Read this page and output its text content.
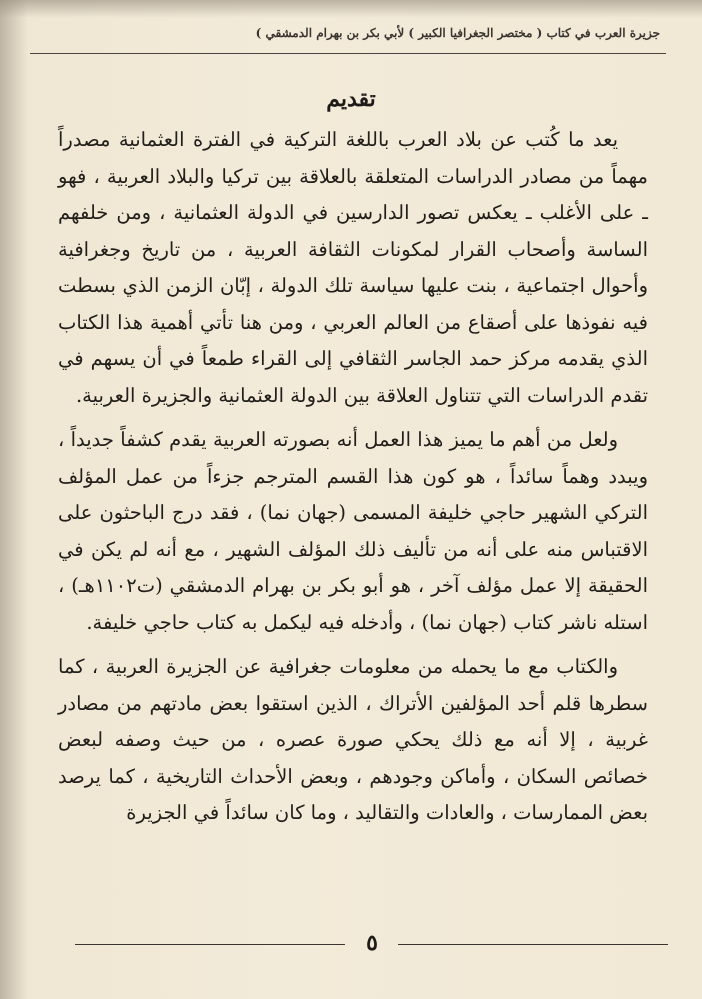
جزيرة العرب في كتاب ( مختصر الجغرافيا الكبير ) لأبي بكر بن بهرام الدمشقي )
تقديم

يعد ما كُتب عن بلاد العرب باللغة التركية في الفترة العثمانية مصدراً مهماً من مصادر الدراسات المتعلقة بالعلاقة بين تركيا والبلاد العربية ، فهو ـ على الأغلب ـ يعكس تصور الدارسين في الدولة العثمانية ، ومن خلفهم الساسة وأصحاب القرار لمكونات الثقافة العربية ، من تاريخ وجغرافية وأحوال اجتماعية ، بنت عليها سياسة تلك الدولة ، إبّان الزمن الذي بسطت فيه نفوذها على أصقاع من العالم العربي ، ومن هنا تأتي أهمية هذا الكتاب الذي يقدمه مركز حمد الجاسر الثقافي إلى القراء طمعاً في أن يسهم في تقدم الدراسات التي تتناول العلاقة بين الدولة العثمانية والجزيرة العربية.

ولعل من أهم ما يميز هذا العمل أنه بصورته العربية يقدم كشفاً جديداً ، ويبدد وهماً سائداً ، هو كون هذا القسم المترجم جزءاً من عمل المؤلف التركي الشهير حاجي خليفة المسمى (جهان نما) ، فقد درج الباحثون على الاقتباس منه على أنه من تأليف ذلك المؤلف الشهير ، مع أنه لم يكن في الحقيقة إلا عمل مؤلف آخر ، هو أبو بكر بن بهرام الدمشقي (ت١١٠٢هـ) ، استله ناشر كتاب (جهان نما) ، وأدخله فيه ليكمل به كتاب حاجي خليفة.

والكتاب مع ما يحمله من معلومات جغرافية عن الجزيرة العربية ، كما سطرها قلم أحد المؤلفين الأتراك ، الذين استقوا بعض مادتهم من مصادر غربية ، إلا أنه مع ذلك يحكي صورة عصره ، من حيث وصفه لبعض خصائص السكان ، وأماكن وجودهم ، وبعض الأحداث التاريخية ، كما يرصد بعض الممارسات ، والعادات والتقاليد ، وما كان سائداً في الجزيرة

٥
